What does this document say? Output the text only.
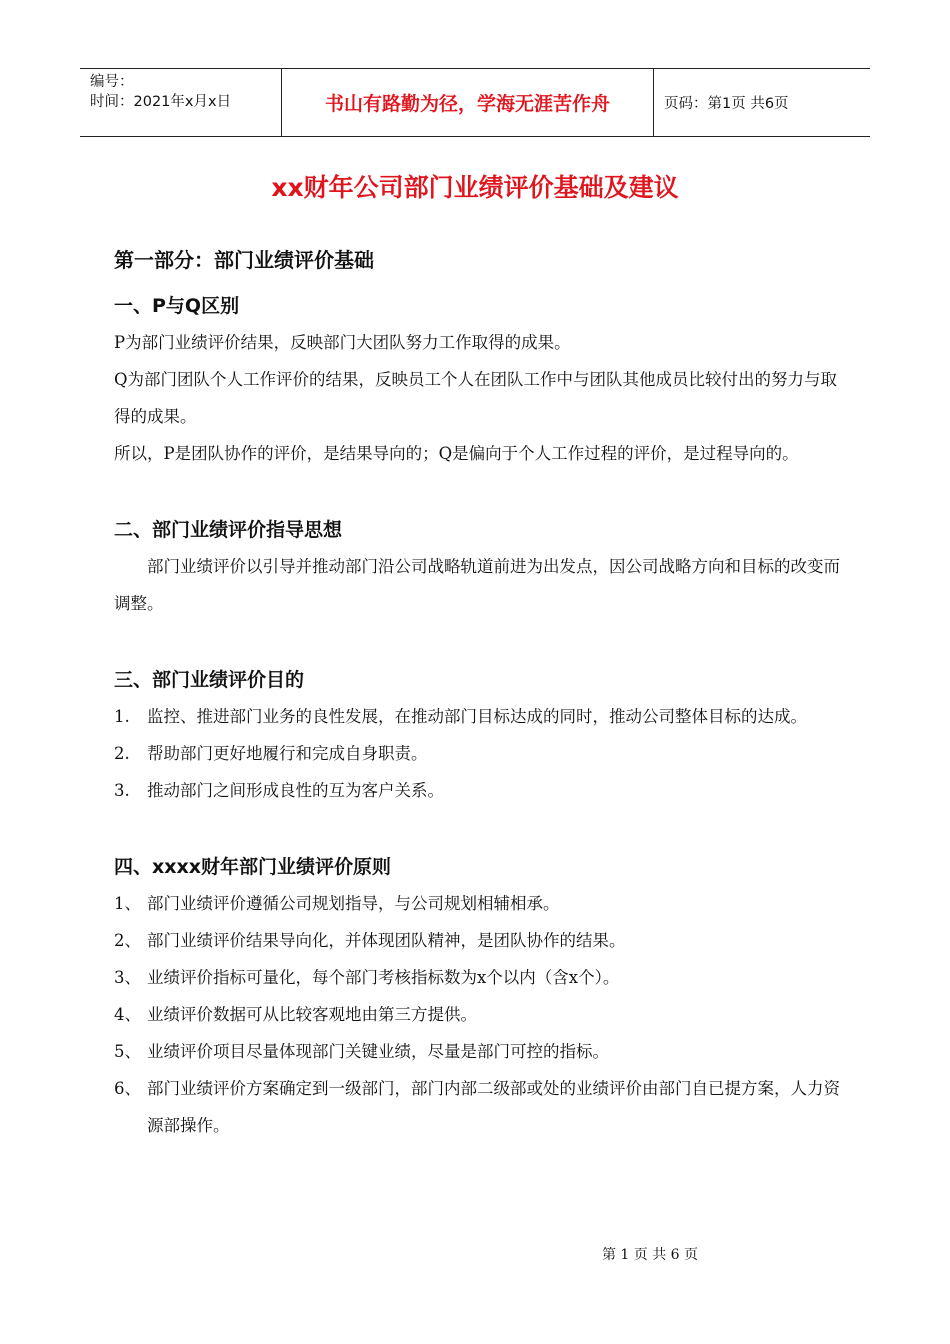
编号：
时间：2021年x月x日	书山有路勤为径，学海无涯苦作舟	页码：第1页 共6页
xx财年公司部门业绩评价基础及建议
第一部分：部门业绩评价基础
一、P与Q区别

P为部门业绩评价结果，反映部门大团队努力工作取得的成果。

Q为部门团队个人工作评价的结果，反映员工个人在团队工作中与团队其他成员比较付出的努力与取得的成果。

所以，P是团队协作的评价，是结果导向的；Q是偏向于个人工作过程的评价，是过程导向的。

二、部门业绩评价指导思想

部门业绩评价以引导并推动部门沿公司战略轨道前进为出发点，因公司战略方向和目标的改变而调整。

三、部门业绩评价目的
1. 监控、推进部门业务的良性发展，在推动部门目标达成的同时，推动公司整体目标的达成。
2. 帮助部门更好地履行和完成自身职责。
3. 推动部门之间形成良性的互为客户关系。
四、xxxx财年部门业绩评价原则
1、 部门业绩评价遵循公司规划指导，与公司规划相辅相承。
2、 部门业绩评价结果导向化，并体现团队精神，是团队协作的结果。
3、 业绩评价指标可量化，每个部门考核指标数为x个以内（含x个）。
4、 业绩评价数据可从比较客观地由第三方提供。
5、 业绩评价项目尽量体现部门关键业绩，尽量是部门可控的指标。
6、 部门业绩评价方案确定到一级部门，部门内部二级部或处的业绩评价由部门自已提方案，人力资源部操作。
第 1 页 共 6 页
